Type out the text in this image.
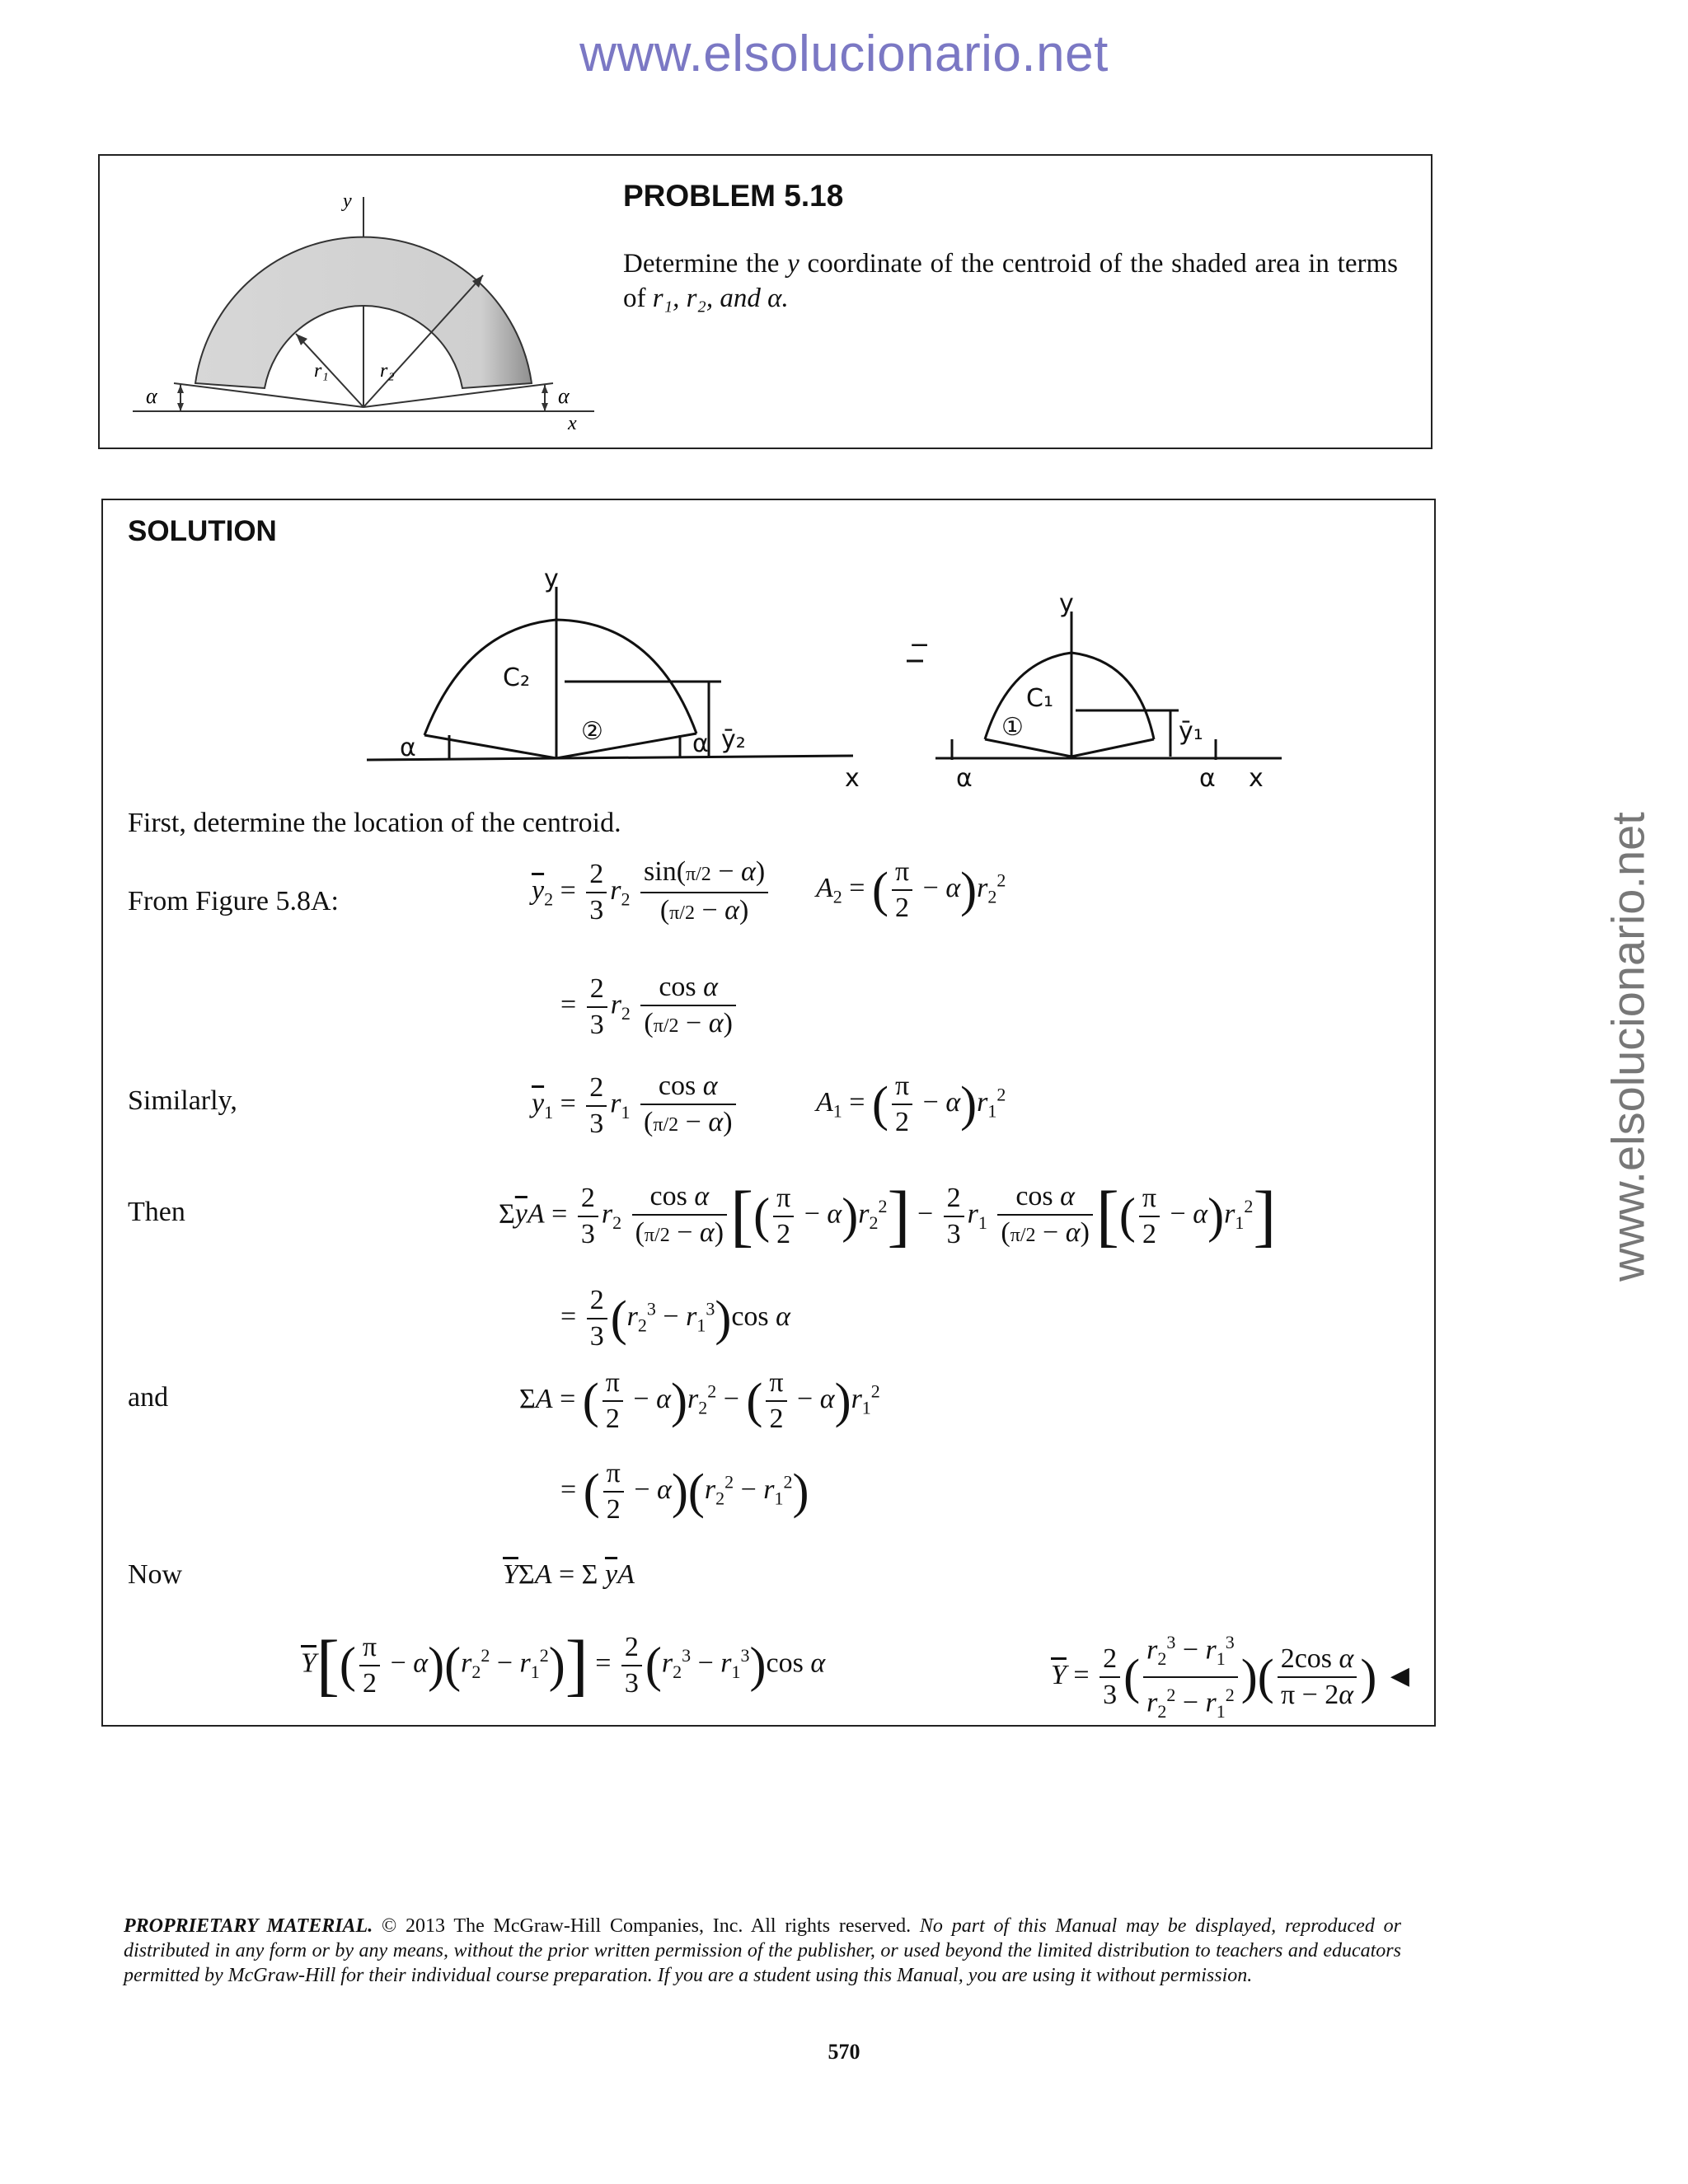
www.elsolucionario.net
www.elsolucionario.net
y
x
α	α
r₁	r₂
PROBLEM 5.18
Determine the y coordinate of the centroid of the shaded area in terms of r₁, r₂, and α.
SOLUTION
y
x
C₂
②
α	α ȳ₂
−
y
x
C₁
①
α	α
ȳ₁
First, determine the location of the centroid.
From Figure 5.8A:	$\overline{y}_2 = \frac{2}{3} r_2 \frac{\sin(\pi/2 - \alpha)}{(\pi/2 - \alpha)} A_2$ = ( $\frac{\pi}{2} - \alpha)r_2^2$
= $\frac{2}{3} r_2 \frac{\text{cos α}}{(\pi/2 - \alpha)}$
Similarly,	$\overline{y}_1 = \frac{2}{3} r_1 \frac{\text{cos α}}{(\pi/2 - \alpha)}$	$A_1$ = ( $\frac{\pi}{2} - \alpha)r_1^2$
Then	$\Sigma\overline{y}A = \frac{2}{3} r_2 \frac{\text{cos α}}{(\pi/2 - \alpha)}$ [( $\frac{\pi}{2} - \alpha)r_2^2] - \frac{2}{3} r_1 \frac{\text{cos α}}{(\pi/2 - \alpha)}$ [( $\frac{\pi}{2} - \alpha)r_1^2$]
= $\frac{2}{3} (r_2^3 - r_1^3)\cos$ α
and	ΣA = ( $\frac{\pi}{2} - \alpha)r_2^2$ − ( $\frac{\pi}{2} - \alpha)r_1^2$
= ( $\frac{\pi}{2} - \alpha)(r_2^2 - r_1^2)$
Now	$\overline{Y}\Sigma A = \Sigma$ $\overline{y}A$
$\overline{Y}[( \frac{\pi}{2} - \alpha)(r_2^2 - r_1^2)] = \frac{2}{3} (r_2^3 - r_1^3)\cos$ α	$\overline{Y} = \frac{2}{3}$ ( $\frac{r_2^3 - r_1^3}{r_2^2 - r_1^2}$ )( $\frac{\text{2cos α}}{\pi - 2\alpha}$ ) ◀
PROPRIETARY MATERIAL. © 2013 The McGraw-Hill Companies, Inc. All rights reserved. No part of this Manual may be displayed, reproduced or distributed in any form or by any means, without the prior written permission of the publisher, or used beyond the limited distribution to teachers and educators permitted by McGraw-Hill for their individual course preparation. If you are a student using this Manual, you are using it without permission.
570
